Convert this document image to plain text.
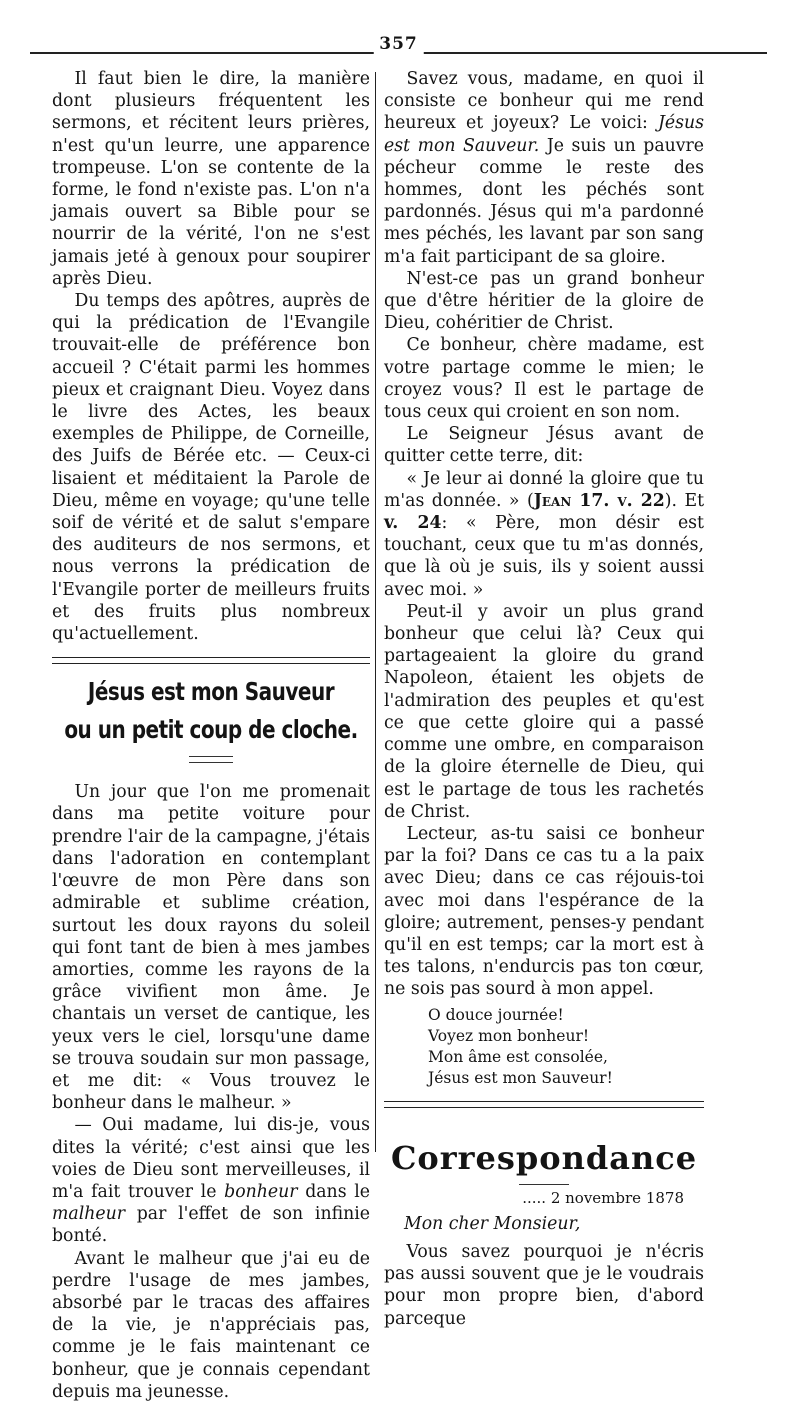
357

Il faut bien le dire, la manière dont plusieurs fréquentent les sermons, et récitent leurs prières, n'est qu'un leurre, une apparence trompeuse. L'on se contente de la forme, le fond n'existe pas. L'on n'a jamais ouvert sa Bible pour se nourrir de la vérité, l'on ne s'est jamais jeté à genoux pour soupirer après Dieu.

Du temps des apôtres, auprès de qui la prédication de l'Evangile trouvait-elle de préférence bon accueil ? C'était parmi les hommes pieux et craignant Dieu. Voyez dans le livre des Actes, les beaux exemples de Philippe, de Corneille, des Juifs de Bérée etc. — Ceux-ci lisaient et méditaient la Parole de Dieu, même en voyage; qu'une telle soif de vérité et de salut s'empare des auditeurs de nos sermons, et nous verrons la prédication de l'Evangile porter de meilleurs fruits et des fruits plus nombreux qu'actuellement.

Jésus est mon Sauveur
ou un petit coup de cloche.

Un jour que l'on me promenait dans ma petite voiture pour prendre l'air de la campagne, j'étais dans l'adoration en contemplant l'œuvre de mon Père dans son admirable et sublime création, surtout les doux rayons du soleil qui font tant de bien à mes jambes amorties, comme les rayons de la grâce vivifient mon âme. Je chantais un verset de cantique, les yeux vers le ciel, lorsqu'une dame se trouva soudain sur mon passage, et me dit: « Vous trouvez le bonheur dans le malheur. »

— Oui madame, lui dis-je, vous dites la vérité; c'est ainsi que les voies de Dieu sont merveilleuses, il m'a fait trouver le bonheur dans le malheur par l'effet de son infinie bonté.

Avant le malheur que j'ai eu de perdre l'usage de mes jambes, absorbé par le tracas des affaires de la vie, je n'appréciais pas, comme je le fais maintenant ce bonheur, que je connais cependant depuis ma jeunesse.

Savez vous, madame, en quoi il consiste ce bonheur qui me rend heureux et joyeux? Le voici: Jésus est mon Sauveur. Je suis un pauvre pécheur comme le reste des hommes, dont les péchés sont pardonnés. Jésus qui m'a pardonné mes péchés, les lavant par son sang m'a fait participant de sa gloire.

N'est-ce pas un grand bonheur que d'être héritier de la gloire de Dieu, cohéritier de Christ.

Ce bonheur, chère madame, est votre partage comme le mien; le croyez vous? Il est le partage de tous ceux qui croient en son nom.

Le Seigneur Jésus avant de quitter cette terre, dit:

« Je leur ai donné la gloire que tu m'as donnée. » (Jean 17. v. 22). Et v. 24: « Père, mon désir est touchant, ceux que tu m'as donnés, que là où je suis, ils y soient aussi avec moi. »

Peut-il y avoir un plus grand bonheur que celui là? Ceux qui partageaient la gloire du grand Napoleon, étaient les objets de l'admiration des peuples et qu'est ce que cette gloire qui a passé comme une ombre, en comparaison de la gloire éternelle de Dieu, qui est le partage de tous les rachetés de Christ.

Lecteur, as-tu saisi ce bonheur par la foi? Dans ce cas tu a la paix avec Dieu; dans ce cas réjouis-toi avec moi dans l'espérance de la gloire; autrement, penses-y pendant qu'il en est temps; car la mort est à tes talons, n'endurcis pas ton cœur, ne sois pas sourd à mon appel.

O douce journée!
Voyez mon bonheur!
Mon âme est consolée,
Jésus est mon Sauveur!
Correspondance
..... 2 novembre 1878
Mon cher Monsieur,

Vous savez pourquoi je n'écris pas aussi souvent que je le voudrais pour mon propre bien, d'abord parceque
